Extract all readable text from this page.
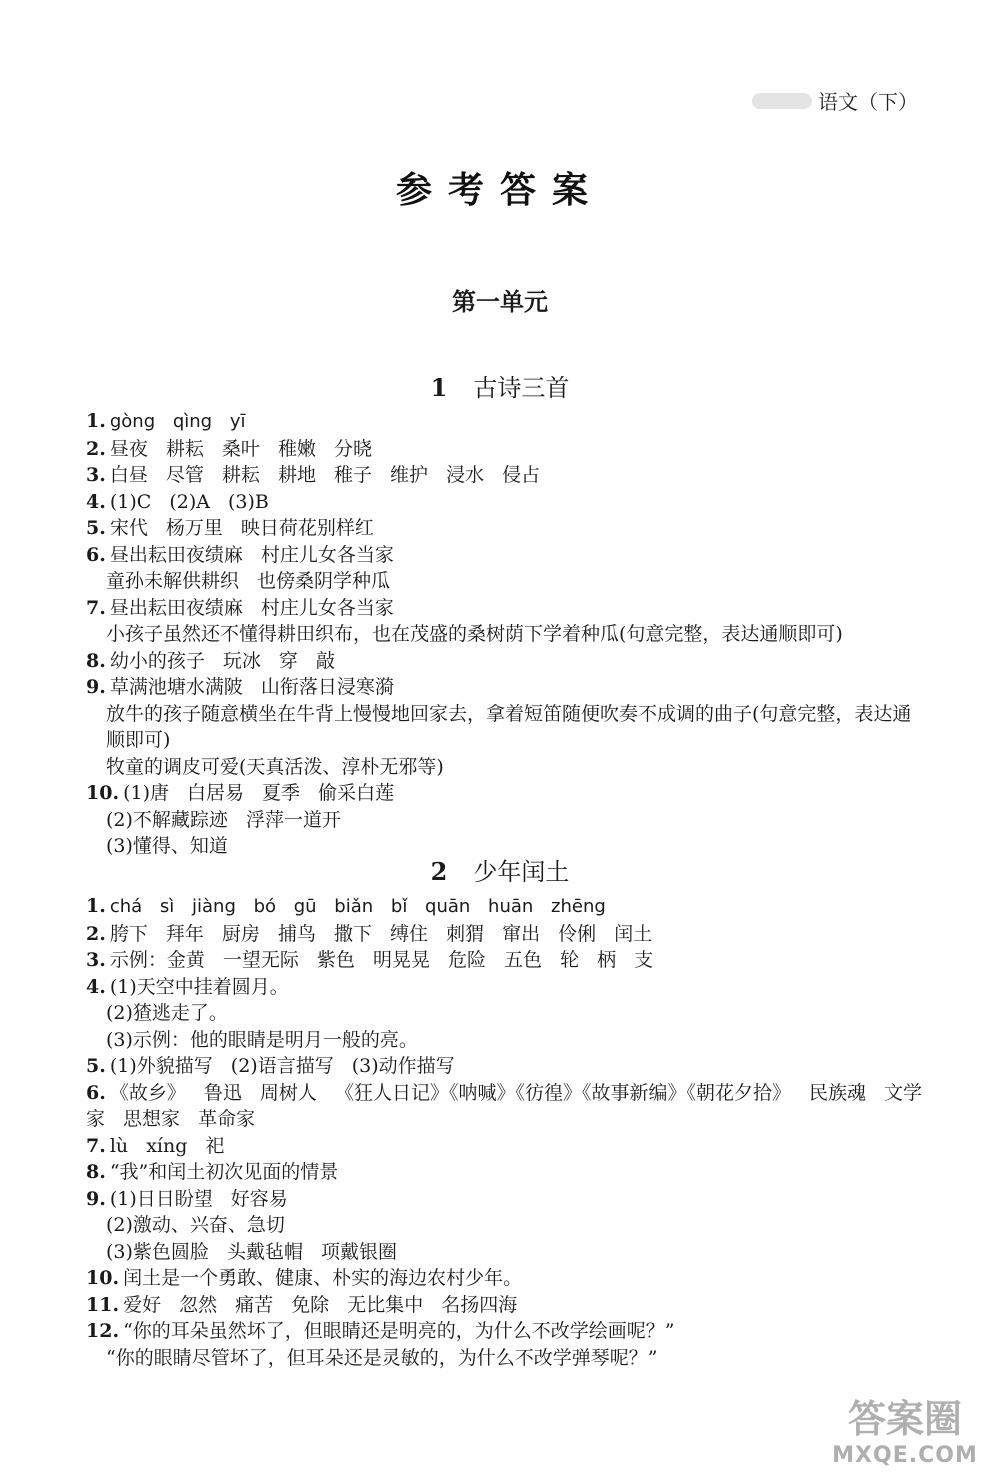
语文（下）
参考答案
第一单元
1 古诗三首
1. gòng qìng yī
2. 昼夜 耕耘 桑叶 稚嫩 分晓
3. 白昼 尽管 耕耘 耕地 稚子 维护 浸水 侵占
4. (1)C (2)A (3)B
5. 宋代 杨万里 映日荷花别样红
6. 昼出耘田夜绩麻 村庄儿女各当家
童孙未解供耕织 也傍桑阴学种瓜
7. 昼出耘田夜绩麻 村庄儿女各当家
小孩子虽然还不懂得耕田织布，也在茂盛的桑树荫下学着种瓜(句意完整，表达通顺即可)
8. 幼小的孩子 玩冰 穿 敲
9. 草满池塘水满陂 山衔落日浸寒漪
放牛的孩子随意横坐在牛背上慢慢地回家去，拿着短笛随便吹奏不成调的曲子(句意完整，表达通顺即可)
牧童的调皮可爱(天真活泼、淳朴无邪等)
10. (1)唐 白居易 夏季 偷采白莲
(2)不解藏踪迹 浮萍一道开
(3)懂得、知道
2 少年闰土
1. chá sì jiàng bó gū biǎn bǐ quān huān zhēng
2. 胯下 拜年 厨房 捕鸟 撒下 缚住 刺猬 窜出 伶俐 闰土
3. 示例：金黄 一望无际 紫色 明晃晃 危险 五色 轮 柄 支
4. (1)天空中挂着圆月。
(2)猹逃走了。
(3)示例：他的眼睛是明月一般的亮。
5. (1)外貌描写 (2)语言描写 (3)动作描写
6. 《故乡》 鲁迅 周树人 《狂人日记》《呐喊》《彷徨》《故事新编》《朝花夕拾》 民族魂 文学家 思想家 革命家
7. lù xíng 祀
8. “我”和闰土初次见面的情景
9. (1)日日盼望 好容易
(2)激动、兴奋、急切
(3)紫色圆脸 头戴毡帽 项戴银圈
10. 闰土是一个勇敢、健康、朴实的海边农村少年。
11. 爱好 忽然 痛苦 免除 无比集中 名扬四海
12. “你的耳朵虽然坏了，但眼睛还是明亮的，为什么不改学绘画呢？”
“你的眼睛尽管坏了，但耳朵还是灵敏的，为什么不改学弹琴呢？”
答案圈
MXQE.COM
